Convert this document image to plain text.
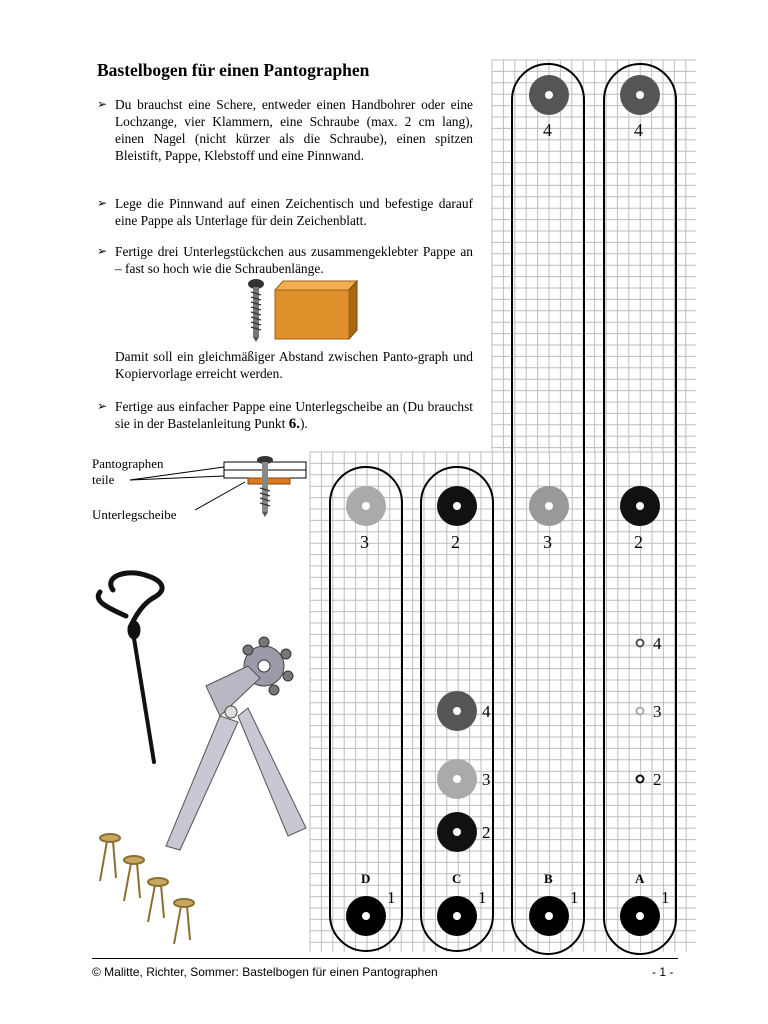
Bastelbogen für einen Pantographen
➢ Du brauchst eine Schere, entweder einen Handbohrer oder eine Lochzange, vier Klammern, eine Schraube (max. 2 cm lang), einen Nagel (nicht kürzer als die Schraube), einen spitzen Bleistift, Pappe, Klebstoff und eine Pinnwand.
➢ Lege die Pinnwand auf einen Zeichentisch und befestige darauf eine Pappe als Unterlage für dein Zeichenblatt.
➢ Fertige drei Unterlegstückchen aus zusammengeklebter Pappe an – fast so hoch wie die Schraubenlänge.
Damit soll ein gleichmäßiger Abstand zwischen Panto-graph und Kopiervorlage erreicht werden.
➢ Fertige aus einfacher Pappe eine Unterlegscheibe an (Du brauchst sie in der Bastelanleitung Punkt 6.).
Pantographen teile
Unterlegscheibe
4	4
3	2	3	2
4
3
2
4
3
2
D	C	B	A
1	1	1	1
© Malitte, Richter, Sommer: Bastelbogen für einen Pantographen	- 1 -
